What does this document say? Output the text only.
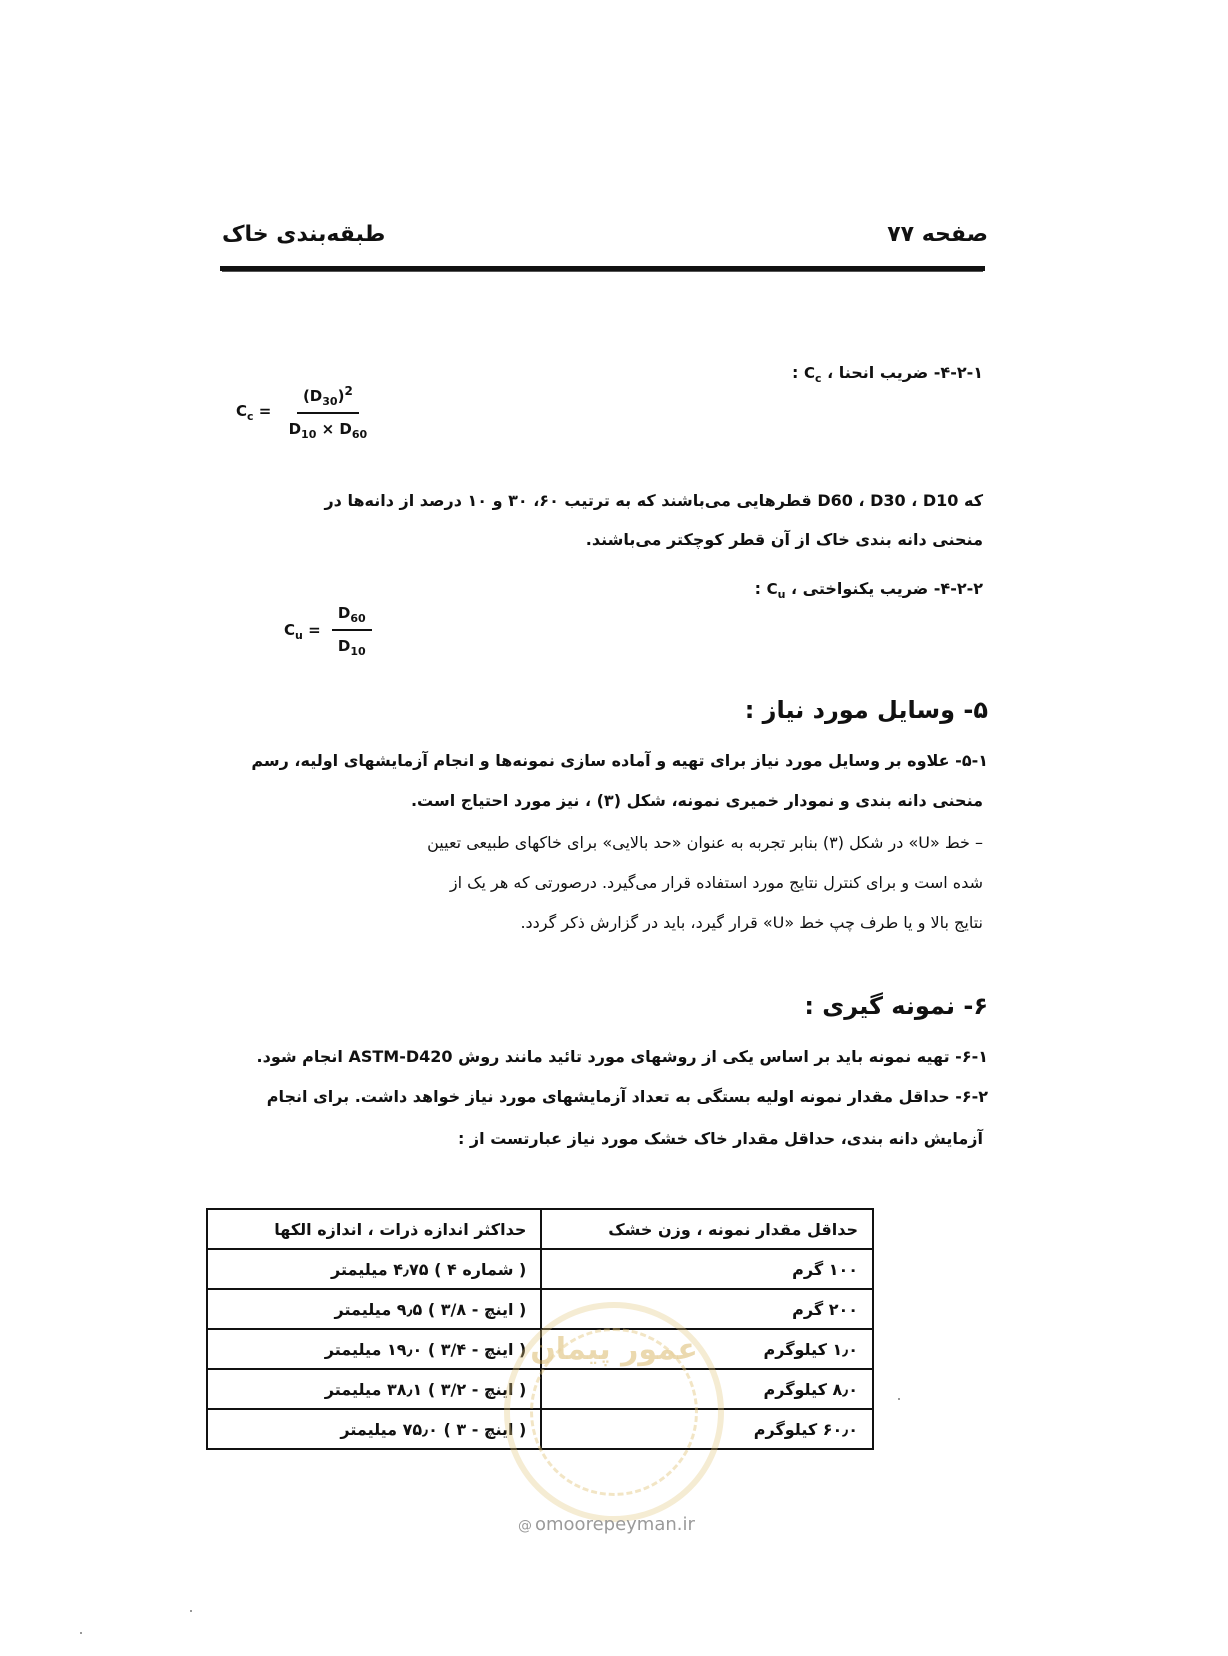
صفحه ۷۷
طبقه‌بندی خاک
۴-۲-۱- ضریب انحنا ، $C_c$ :
$C_c = \frac{(D_{30})^2}{D_{10} \times D_{60}}$
که D60 ، D30 ، D10 قطرهایی می‌باشند که به ترتیب ۶۰، ۳۰ و ۱۰ درصد از دانه‌ها در
منحنی دانه بندی خاک از آن قطر کوچکتر می‌باشند.
۴-۲-۲- ضریب یکنواختی ، $C_u$ :
$C_u = \frac{D_{60}}{D_{10}}$
۵- وسایل مورد نیاز :
۵-۱- علاوه بر وسایل مورد نیاز برای تهیه و آماده سازی نمونه‌ها و انجام آزمایشهای اولیه، رسم
منحنی دانه بندی و نمودار خمیری نمونه، شکل (۳) ، نیز مورد احتیاج است.
– خط «U» در شکل (۳) بنابر تجربه به عنوان «حد بالایی» برای خاکهای طبیعی تعیین
شده است و برای کنترل نتایج مورد استفاده قرار می‌گیرد. درصورتی که هر یک از
نتایج بالا و یا طرف چپ خط «U» قرار گیرد، باید در گزارش ذکر گردد.
۶- نمونه گیری :
۶-۱- تهیه نمونه باید بر اساس یکی از روشهای مورد تائید مانند روش ASTM-D420 انجام شود.
۶-۲- حداقل مقدار نمونه اولیه بستگی به تعداد آزمایشهای مورد نیاز خواهد داشت. برای انجام
آزمایش دانه بندی، حداقل مقدار خاک خشک مورد نیاز عبارتست از :
حداقل مقدار نمونه ، وزن خشک	حداکثر اندازه ذرات ، اندازه الکها
۱۰۰ گرم	( شماره ۴ ) ۴٫۷۵ میلیمتر
۲۰۰ گرم	( اینچ - ۳/۸ ) ۹٫۵ میلیمتر
۱٫۰ کیلوگرم	( اینچ - ۳/۴ ) ۱۹٫۰ میلیمتر
۸٫۰ کیلوگرم	( اینچ - ۳/۲ ) ۳۸٫۱ میلیمتر
۶۰٫۰ کیلوگرم	( اینچ - ۳ ) ۷۵٫۰ میلیمتر
عمور پیمان
@ omoorepeyman.ir
